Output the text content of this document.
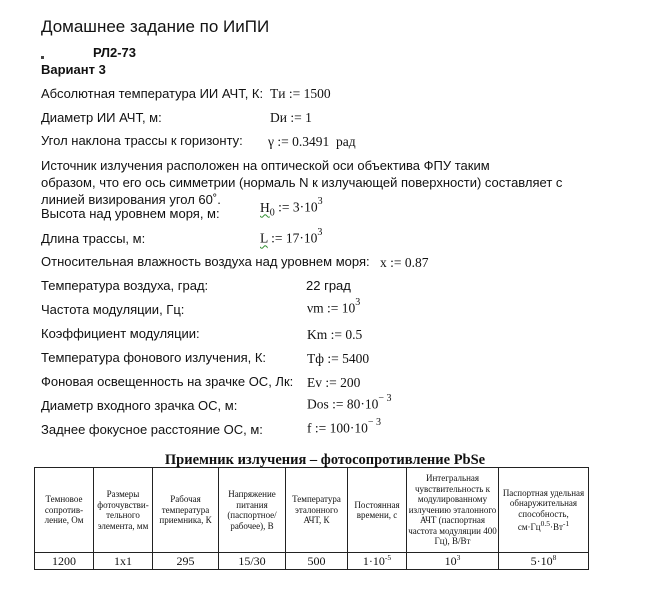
Домашнее задание по ИиПИ
РЛ2-73
Вариант 3
Абсолютная температура ИИ АЧТ, К: Tи := 1500
Диаметр ИИ АЧТ, м:	Dи := 1
Угол наклона трассы к горизонту: γ := 0.3491 рад
Источник излучения расположен на оптической оси объектива ФПУ таким
образом, что его ось симметрии (нормаль N к излучающей поверхности) составляет с
линией визирования угол 60˚.
Высота над уровнем моря, м:	$H_0$ := $3\cdot 10^3$
Длина трассы, м:	L := $17\cdot 10^3$
Относительная влажность воздуха над уровнем моря: x := 0.87
Температура воздуха, град:	22 град
Частота модуляции, Гц:	νm := $10^3$
Коэффициент модуляции:	Km := 0.5
Температура фонового излучения, К:	Tф := 5400
Фоновая освещенность на зрачке ОС, Лк: Ev := 200
Диаметр входного зрачка ОС, м:	Dos := $80\cdot 10^{- 3}$
Заднее фокусное расстояние ОС, м:	f := $100\cdot 10^{- 3}$
Приемник излучения – фотосопротивление PbSe
Темновое сопротив-ление, Ом	Размеры фоточувстви-тельного элемента, мм	Рабочая температура приемника, К	Напряжение питания (паспортное/ рабочее), В	Температура эталонного АЧТ, К	Постоянная времени, с	Интегральная чувствительность к модулированному излучению эталонного АЧТ (паспортная частота модуляции 400 Гц), В/Вт	Паспортная удельная обнаружительная способность, $см\cdot Гц^{0.5}\cdot Вт^{-1}$
1200	1х1	295	15/30	500	$1\cdot 10^{-5}$	$10^3$	$5\cdot 10^8$
